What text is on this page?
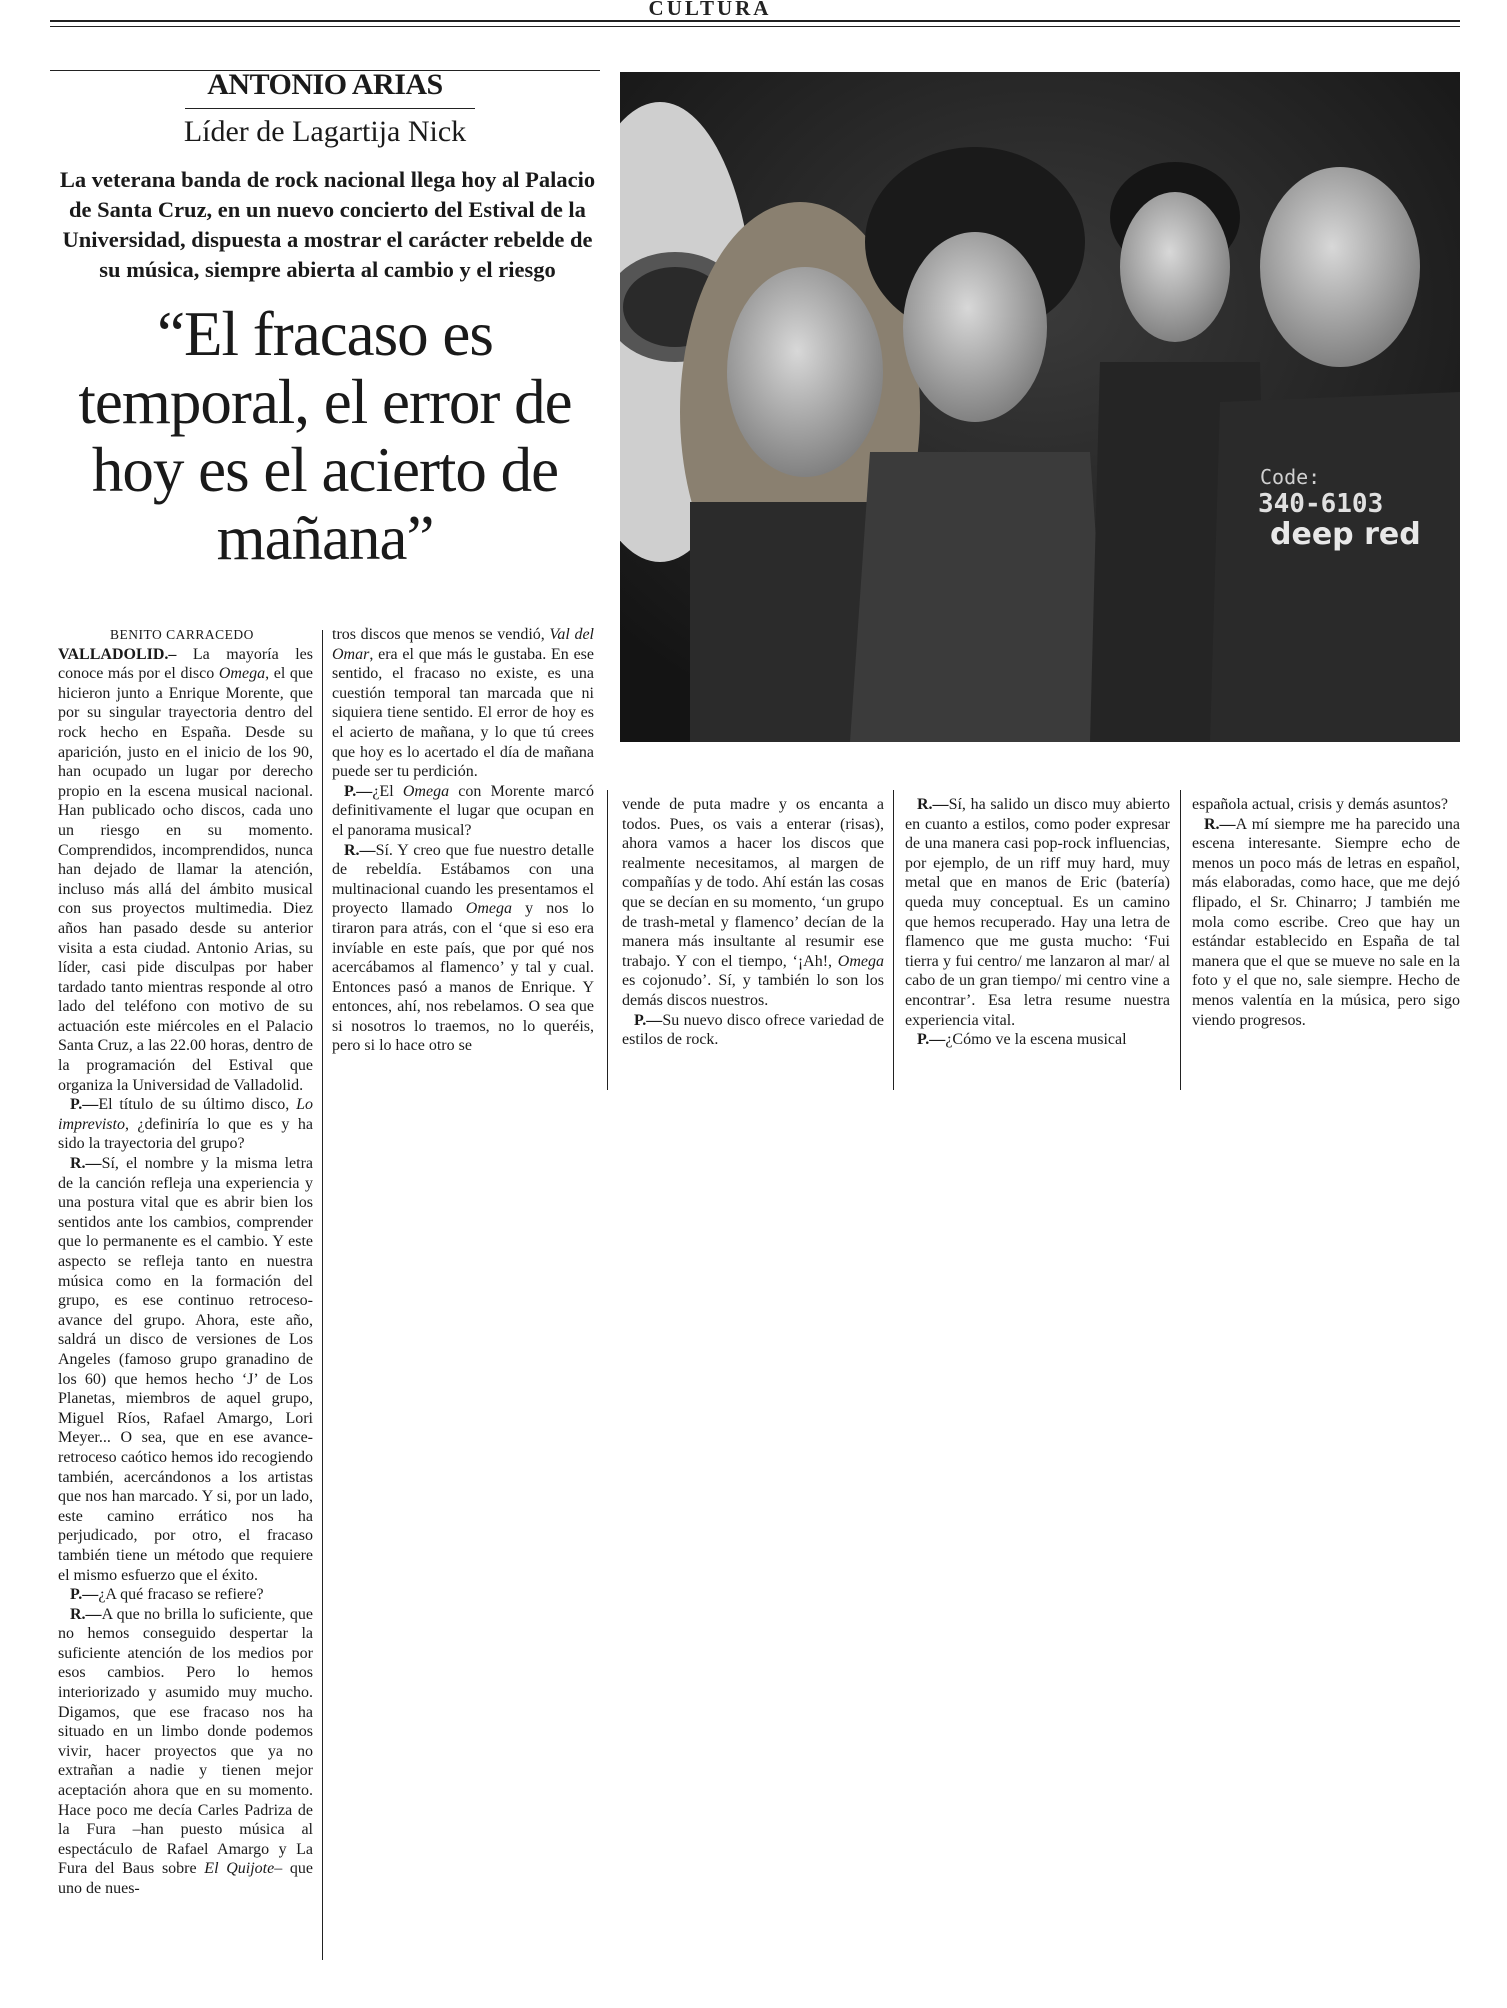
CULTURA
ANTONIO ARIAS
Líder de Lagartija Nick
La veterana banda de rock nacional llega hoy al Palacio de Santa Cruz, en un nuevo concierto del Estival de la Universidad, dispuesta a mostrar el carácter rebelde de su música, siempre abierta al cambio y el riesgo
“El fracaso es temporal, el error de hoy es el acierto de mañana”
Code:
340-6103
deep red

BENITO CARRACEDO

VALLADOLID.– La mayoría les conoce más por el disco Omega, el que hicieron junto a Enrique Morente, que por su singular trayectoria dentro del rock hecho en España. Desde su aparición, justo en el inicio de los 90, han ocupado un lugar por derecho propio en la escena musical nacional. Han publicado ocho discos, cada uno un riesgo en su momento. Comprendidos, incomprendidos, nunca han dejado de llamar la atención, incluso más allá del ámbito musical con sus proyectos multimedia. Diez años han pasado desde su anterior visita a esta ciudad. Antonio Arias, su líder, casi pide disculpas por haber tardado tanto mientras responde al otro lado del teléfono con motivo de su actuación este miércoles en el Palacio Santa Cruz, a las 22.00 horas, dentro de la programación del Estival que organiza la Universidad de Valladolid.

P.—El título de su último disco, Lo imprevisto, ¿definiría lo que es y ha sido la trayectoria del grupo?

R.—Sí, el nombre y la misma letra de la canción refleja una experiencia y una postura vital que es abrir bien los sentidos ante los cambios, comprender que lo permanente es el cambio. Y este aspecto se refleja tanto en nuestra música como en la formación del grupo, es ese continuo retroceso-avance del grupo. Ahora, este año, saldrá un disco de versiones de Los Angeles (famoso grupo granadino de los 60) que hemos hecho ‘J’ de Los Planetas, miembros de aquel grupo, Miguel Ríos, Rafael Amargo, Lori Meyer... O sea, que en ese avance-retroceso caótico hemos ido recogiendo también, acercándonos a los artistas que nos han marcado. Y si, por un lado, este camino errático nos ha perjudicado, por otro, el fracaso también tiene un método que requiere el mismo esfuerzo que el éxito.

P.—¿A qué fracaso se refiere?

R.—A que no brilla lo suficiente, que no hemos conseguido despertar la suficiente atención de los medios por esos cambios. Pero lo hemos interiorizado y asumido muy mucho. Digamos, que ese fracaso nos ha situado en un limbo donde podemos vivir, hacer proyectos que ya no extrañan a nadie y tienen mejor aceptación ahora que en su momento. Hace poco me decía Carles Padriza de la Fura –han puesto música al espectáculo de Rafael Amargo y La Fura del Baus sobre El Quijote– que uno de nues-

tros discos que menos se vendió, Val del Omar, era el que más le gustaba. En ese sentido, el fracaso no existe, es una cuestión temporal tan marcada que ni siquiera tiene sentido. El error de hoy es el acierto de mañana, y lo que tú crees que hoy es lo acertado el día de mañana puede ser tu perdición.

P.—¿El Omega con Morente marcó definitivamente el lugar que ocupan en el panorama musical?

R.—Sí. Y creo que fue nuestro detalle de rebeldía. Estábamos con una multinacional cuando les presentamos el proyecto llamado Omega y nos lo tiraron para atrás, con el ‘que si eso era invíable en este país, que por qué nos acercábamos al flamenco’ y tal y cual. Entonces pasó a manos de Enrique. Y entonces, ahí, nos rebelamos. O sea que si nosotros lo traemos, no lo queréis, pero si lo hace otro se

vende de puta madre y os encanta a todos. Pues, os vais a enterar (risas), ahora vamos a hacer los discos que realmente necesitamos, al margen de compañías y de todo. Ahí están las cosas que se decían en su momento, ‘un grupo de trash-metal y flamenco’ decían de la manera más insultante al resumir ese trabajo. Y con el tiempo, ‘¡Ah!, Omega es cojonudo’. Sí, y también lo son los demás discos nuestros.

P.—Su nuevo disco ofrece variedad de estilos de rock.

R.—Sí, ha salido un disco muy abierto en cuanto a estilos, como poder expresar de una manera casi pop-rock influencias, por ejemplo, de un riff muy hard, muy metal que en manos de Eric (batería) queda muy conceptual. Es un camino que hemos recuperado. Hay una letra de flamenco que me gusta mucho: ‘Fui tierra y fui centro/ me lanzaron al mar/ al cabo de un gran tiempo/ mi centro vine a encontrar’. Esa letra resume nuestra experiencia vital.

P.—¿Cómo ve la escena musical

española actual, crisis y demás asuntos?

R.—A mí siempre me ha parecido una escena interesante. Siempre echo de menos un poco más de letras en español, más elaboradas, como hace, que me dejó flipado, el Sr. Chinarro; J también me mola como escribe. Creo que hay un estándar establecido en España de tal manera que el que se mueve no sale en la foto y el que no, sale siempre. Hecho de menos valentía en la música, pero sigo viendo progresos.
